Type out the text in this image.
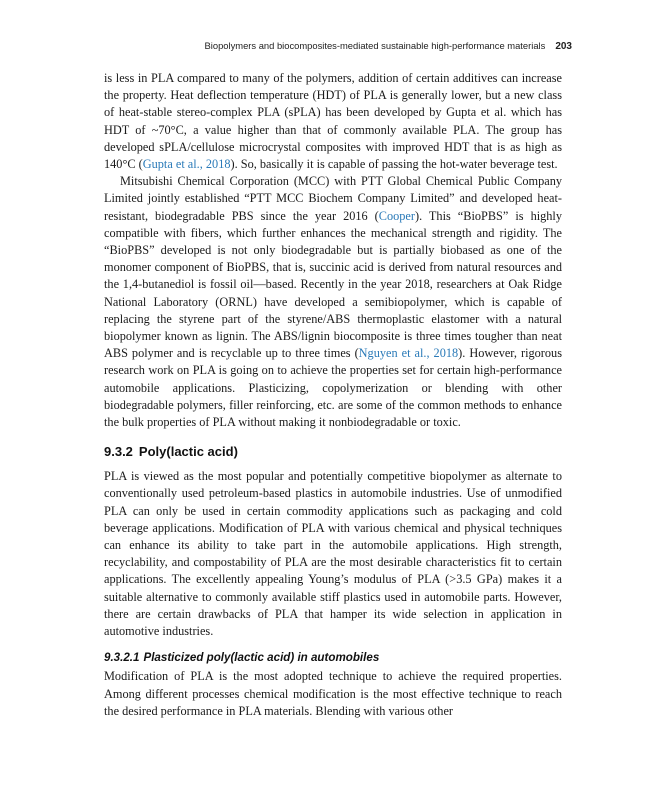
Biopolymers and biocomposites-mediated sustainable high-performance materials 203

is less in PLA compared to many of the polymers, addition of certain additives can increase the property. Heat deflection temperature (HDT) of PLA is generally lower, but a new class of heat-stable stereo-complex PLA (sPLA) has been developed by Gupta et al. which has HDT of ~70°C, a value higher than that of commonly available PLA. The group has developed sPLA/cellulose microcrystal composites with improved HDT that is as high as 140°C (Gupta et al., 2018). So, basically it is capable of passing the hot-water beverage test.

Mitsubishi Chemical Corporation (MCC) with PTT Global Chemical Public Company Limited jointly established “PTT MCC Biochem Company Limited” and developed heat-resistant, biodegradable PBS since the year 2016 (Cooper). This “BioPBS” is highly compatible with fibers, which further enhances the mechanical strength and rigidity. The “BioPBS” developed is not only biodegradable but is partially biobased as one of the monomer component of BioPBS, that is, succinic acid is derived from natural resources and the 1,4-butanediol is fossil oil—based. Recently in the year 2018, researchers at Oak Ridge National Laboratory (ORNL) have developed a semibiopolymer, which is capable of replacing the styrene part of the styrene/ABS thermoplastic elastomer with a natural biopolymer known as lignin. The ABS/lignin biocomposite is three times tougher than neat ABS polymer and is recyclable up to three times (Nguyen et al., 2018). However, rigorous research work on PLA is going on to achieve the properties set for certain high-performance automobile applications. Plasticizing, copolymerization or blending with other biodegradable polymers, filler reinforcing, etc. are some of the common methods to enhance the bulk properties of PLA without making it nonbiodegradable or toxic.

9.3.2 Poly(lactic acid)

PLA is viewed as the most popular and potentially competitive biopolymer as alternate to conventionally used petroleum-based plastics in automobile industries. Use of unmodified PLA can only be used in certain commodity applications such as packaging and cold beverage applications. Modification of PLA with various chemical and physical techniques can enhance its ability to take part in the automobile applications. High strength, recyclability, and compostability of PLA are the most desirable characteristics fit to certain applications. The excellently appealing Young’s modulus of PLA (>3.5 GPa) makes it a suitable alternative to commonly available stiff plastics used in automobile parts. However, there are certain drawbacks of PLA that hamper its wide selection in application in automotive industries.

9.3.2.1 Plasticized poly(lactic acid) in automobiles

Modification of PLA is the most adopted technique to achieve the required properties. Among different processes chemical modification is the most effective technique to reach the desired performance in PLA materials. Blending with various other
